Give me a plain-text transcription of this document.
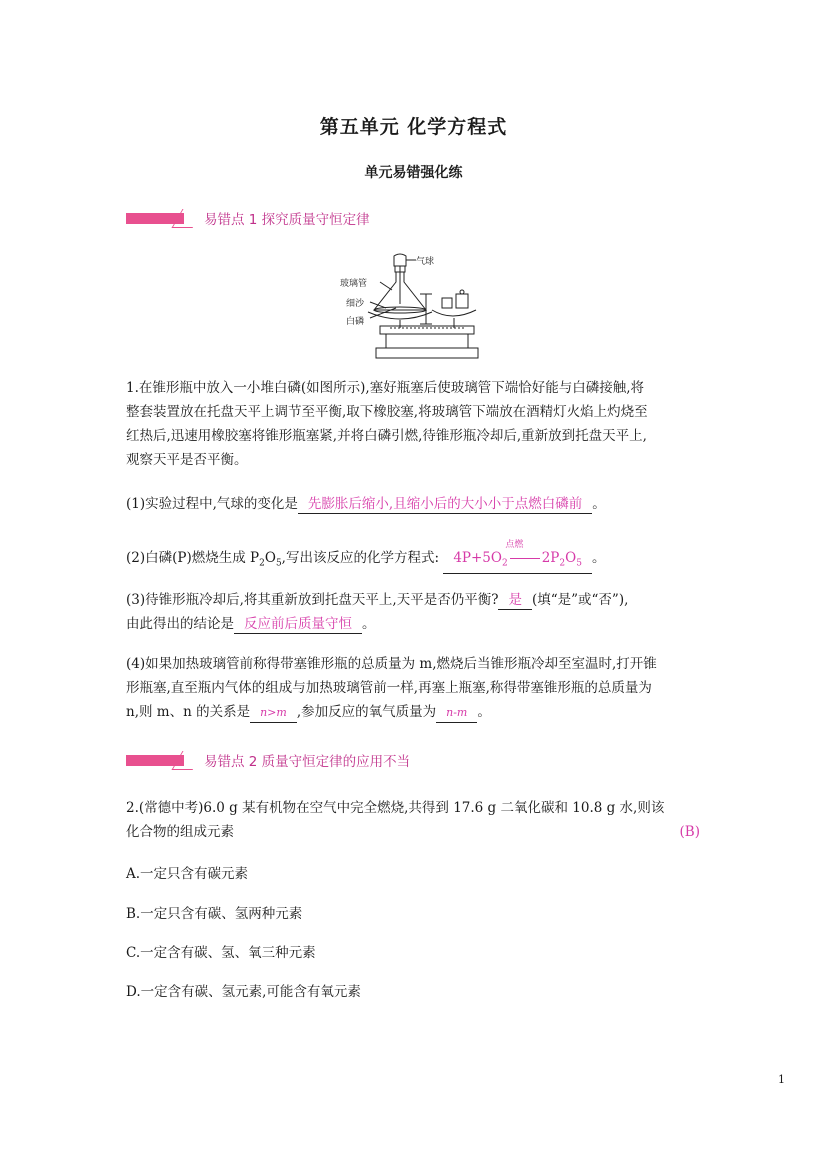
第五单元 化学方程式
单元易错强化练
易错点 1 探究质量守恒定律
气球
玻璃管
细沙
白磷
1.在锥形瓶中放入一小堆白磷(如图所示),塞好瓶塞后使玻璃管下端恰好能与白磷接触,将
整套装置放在托盘天平上调节至平衡,取下橡胶塞,将玻璃管下端放在酒精灯火焰上灼烧至
红热后,迅速用橡胶塞将锥形瓶塞紧,并将白磷引燃,待锥形瓶冷却后,重新放到托盘天平上,
观察天平是否平衡。
(1)实验过程中,气球的变化是 先膨胀后缩小,且缩小后的大小小于点燃白磷前 。
(2)白磷(P)燃烧生成 $P_2O_5$,写出该反应的化学方程式:
点燃
$4P+5O_2$	$2P_2O_5$ 。
(3)待锥形瓶冷却后,将其重新放到托盘天平上,天平是否仍平衡? 是 (填“是”或“否”),
由此得出的结论是 反应前后质量守恒 。
(4)如果加热玻璃管前称得带塞锥形瓶的总质量为 m,燃烧后当锥形瓶冷却至室温时,打开锥
形瓶塞,直至瓶内气体的组成与加热玻璃管前一样,再塞上瓶塞,称得带塞锥形瓶的总质量为
n,则 m、n 的关系是 n>m ,参加反应的氧气质量为 n-m 。
易错点 2 质量守恒定律的应用不当
2.(常德中考)6.0 g 某有机物在空气中完全燃烧,共得到 17.6 g 二氧化碳和 10.8 g 水,则该
化合物的组成元素	(B)
A.一定只含有碳元素
B.一定只含有碳、氢两种元素
C.一定含有碳、氢、氧三种元素
D.一定含有碳、氢元素,可能含有氧元素
1
